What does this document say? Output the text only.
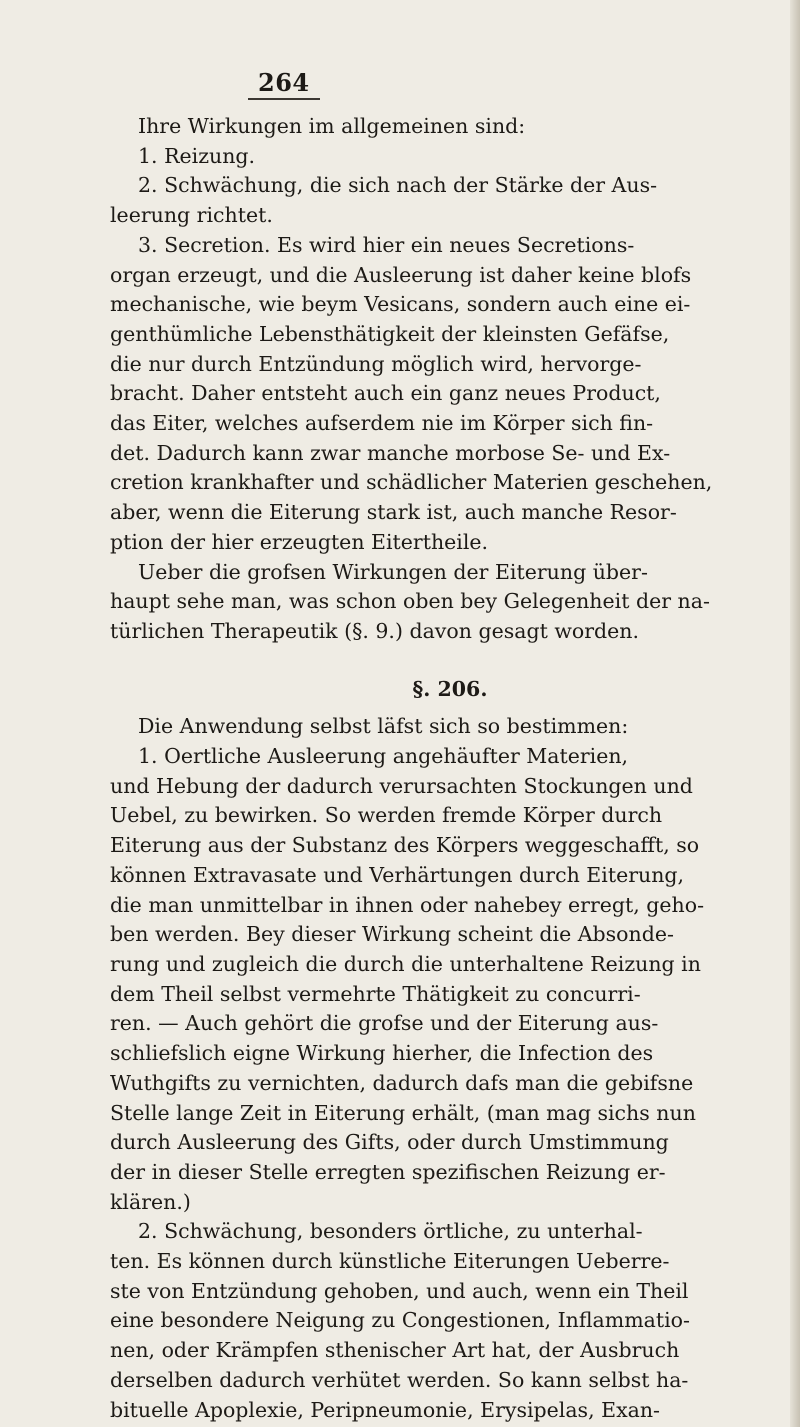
264
Ihre Wirkungen im allgemeinen sind:
1. Reizung.
2. Schwächung, die sich nach der Stärke der Aus-
leerung richtet.
3. Secretion. Es wird hier ein neues Secretions-
organ erzeugt, und die Ausleerung ist daher keine blofs
mechanische, wie beym Vesicans, sondern auch eine ei-
genthümliche Lebensthätigkeit der kleinsten Gefäfse,
die nur durch Entzündung möglich wird, hervorge-
bracht. Daher entsteht auch ein ganz neues Product,
das Eiter, welches aufserdem nie im Körper sich fin-
det. Dadurch kann zwar manche morbose Se- und Ex-
cretion krankhafter und schädlicher Materien geschehen,
aber, wenn die Eiterung stark ist, auch manche Resor-
ption der hier erzeugten Eitertheile.
Ueber die grofsen Wirkungen der Eiterung über-
haupt sehe man, was schon oben bey Gelegenheit der na-
türlichen Therapeutik (§. 9.) davon gesagt worden.
§. 206.
Die Anwendung selbst läfst sich so bestimmen:
1. Oertliche Ausleerung angehäufter Materien,
und Hebung der dadurch verursachten Stockungen und
Uebel, zu bewirken. So werden fremde Körper durch
Eiterung aus der Substanz des Körpers weggeschafft, so
können Extravasate und Verhärtungen durch Eiterung,
die man unmittelbar in ihnen oder nahebey erregt, geho-
ben werden. Bey dieser Wirkung scheint die Absonde-
rung und zugleich die durch die unterhaltene Reizung in
dem Theil selbst vermehrte Thätigkeit zu concurri-
ren. — Auch gehört die grofse und der Eiterung aus-
schliefslich eigne Wirkung hierher, die Infection des
Wuthgifts zu vernichten, dadurch dafs man die gebifsne
Stelle lange Zeit in Eiterung erhält, (man mag sichs nun
durch Ausleerung des Gifts, oder durch Umstimmung
der in dieser Stelle erregten spezifischen Reizung er-
klären.)
2. Schwächung, besonders örtliche, zu unterhal-
ten. Es können durch künstliche Eiterungen Ueberre-
ste von Entzündung gehoben, und auch, wenn ein Theil
eine besondere Neigung zu Congestionen, Inflammatio-
nen, oder Krämpfen sthenischer Art hat, der Ausbruch
derselben dadurch verhütet werden. So kann selbst ha-
bituelle Apoplexie, Peripneumonie, Erysipelas, Exan-
